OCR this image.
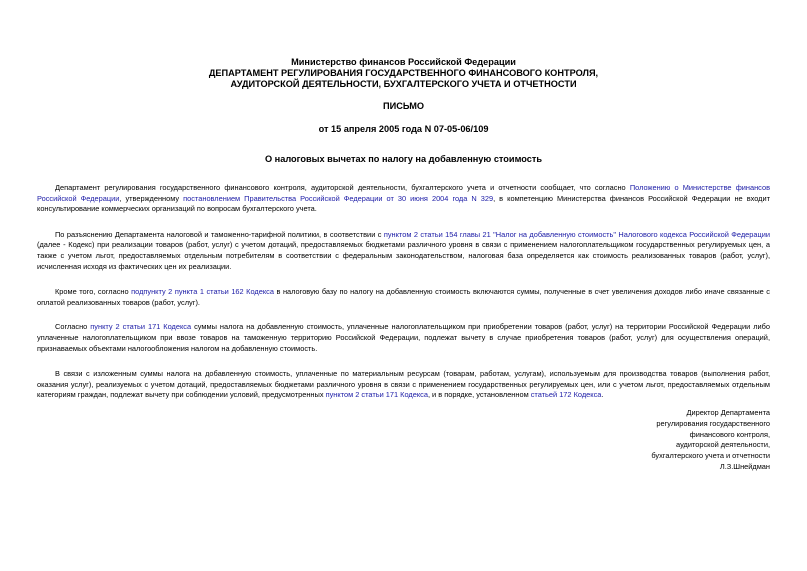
Министерство финансов Российской Федерации
ДЕПАРТАМЕНТ РЕГУЛИРОВАНИЯ ГОСУДАРСТВЕННОГО ФИНАНСОВОГО КОНТРОЛЯ,
АУДИТОРСКОЙ ДЕЯТЕЛЬНОСТИ, БУХГАЛТЕРСКОГО УЧЕТА И ОТЧЕТНОСТИ
ПИСЬМО
от 15 апреля 2005 года N 07-05-06/109
О налоговых вычетах по налогу на добавленную стоимость

Департамент регулирования государственного финансового контроля, аудиторской деятельности, бухгалтерского учета и отчетности сообщает, что согласно Положению о Министерстве финансов Российской Федерации, утвержденному постановлением Правительства Российской Федерации от 30 июня 2004 года N 329, в компетенцию Министерства финансов Российской Федерации не входит консультирование коммерческих организаций по вопросам бухгалтерского учета.

По разъяснению Департамента налоговой и таможенно-тарифной политики, в соответствии с пунктом 2 статьи 154 главы 21 "Налог на добавленную стоимость" Налогового кодекса Российской Федерации (далее - Кодекс) при реализации товаров (работ, услуг) с учетом дотаций, предоставляемых бюджетами различного уровня в связи с применением налогоплательщиком государственных регулируемых цен, а также с учетом льгот, предоставляемых отдельным потребителям в соответствии с федеральным законодательством, налоговая база определяется как стоимость реализованных товаров (работ, услуг), исчисленная исходя из фактических цен их реализации.

Кроме того, согласно подпункту 2 пункта 1 статьи 162 Кодекса в налоговую базу по налогу на добавленную стоимость включаются суммы, полученные в счет увеличения доходов либо иначе связанные с оплатой реализованных товаров (работ, услуг).

Согласно пункту 2 статьи 171 Кодекса суммы налога на добавленную стоимость, уплаченные налогоплательщиком при приобретении товаров (работ, услуг) на территории Российской Федерации либо уплаченные налогоплательщиком при ввозе товаров на таможенную территорию Российской Федерации, подлежат вычету в случае приобретения товаров (работ, услуг) для осуществления операций, признаваемых объектами налогообложения налогом на добавленную стоимость.

В связи с изложенным суммы налога на добавленную стоимость, уплаченные по материальным ресурсам (товарам, работам, услугам), используемым для производства товаров (выполнения работ, оказания услуг), реализуемых с учетом дотаций, предоставляемых бюджетами различного уровня в связи с применением государственных регулируемых цен, или с учетом льгот, предоставляемых отдельным категориям граждан, подлежат вычету при соблюдении условий, предусмотренных пунктом 2 статьи 171 Кодекса, и в порядке, установленном статьей 172 Кодекса.

Директор Департамента
регулирования государственного
финансового контроля,
аудиторской деятельности,
бухгалтерского учета и отчетности
Л.З.Шнейдман
